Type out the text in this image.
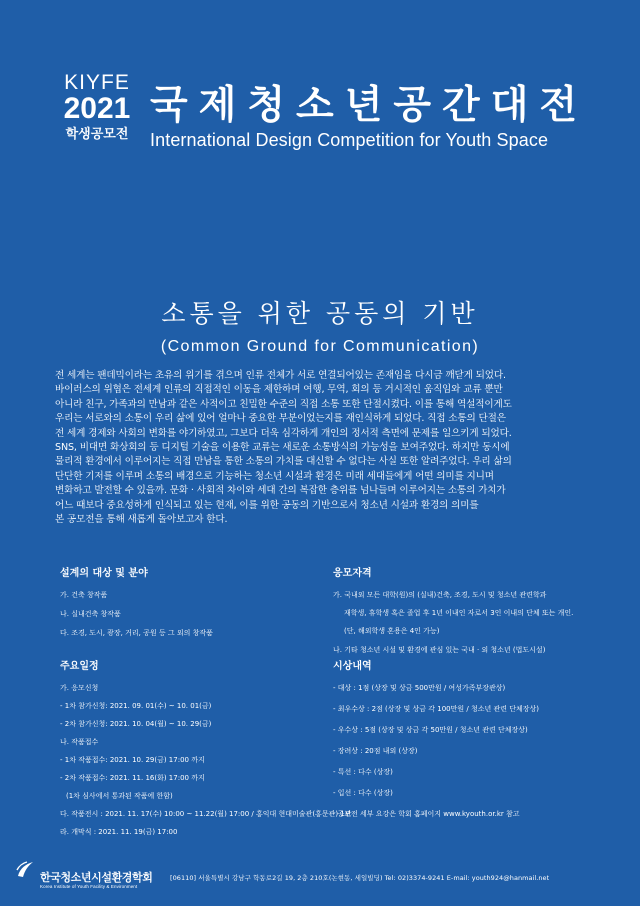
KIYFE
2021
학생공모전
국제청소년공간대전
International Design Competition for Youth Space
소통을 위한 공동의 기반
(Common Ground for Communication)
전 세계는 팬데믹이라는 초유의 위기를 겪으며 인류 전체가 서로 연결되어있는 존재임을 다시금 깨닫게 되었다.
바이러스의 위협은 전세계 인류의 직접적인 이동을 제한하며 여행, 무역, 회의 등 거시적인 움직임와 교류 뿐만
아니라 친구, 가족과의 만남과 같은 사적이고 친밀한 수준의 직접 소통 또한 단절시켰다. 이를 통해 역설적이게도
우리는 서로와의 소통이 우리 삶에 있어 얼마나 중요한 부분이었는지를 재인식하게 되었다. 직접 소통의 단절은
전 세계 경제와 사회의 변화를 야기하였고, 그보다 더욱 심각하게 개인의 정서적 측면에 문제를 일으키게 되었다.
SNS, 비대면 화상회의 등 디지털 기술을 이용한 교류는 새로운 소통방식의 가능성을 보여주었다. 하지만 동시에
물리적 환경에서 이루어지는 직접 만남을 통한 소통의 가치를 대신할 수 없다는 사실 또한 알려주었다. 우리 삶의
단단한 기저를 이루며 소통의 배경으로 기능하는 청소년 시설과 환경은 미래 세대들에게 어떤 의미를 지니며
변화하고 발전할 수 있을까. 문화 · 사회적 차이와 세대 간의 복잡한 층위를 넘나들며 이루어지는 소통의 가치가
어느 때보다 중요성하게 인식되고 있는 현재, 이를 위한 공동의 기반으로서 청소년 시설과 환경의 의미를
본 공모전을 통해 새롭게 돌아보고자 한다.
설계의 대상 및 분야
가. 건축 창작품
나. 실내건축 창작품
다. 조경, 도시, 광장, 거리, 공원 등 그 외의 창작품
응모자격
가. 국내외 모든 대학(원)의 (실내)건축, 조경, 도시 및 청소년 관련학과
재학생, 휴학생 혹은 졸업 후 1년 이내인 자로서 3인 이내의 단체 또는 개인.
(단, 해외학생 혼용은 4인 가능)
나. 기타 청소년 시설 및 환경에 관심 있는 국내 · 외 청소년 (법도시설)
주요일정
가. 응모신청
- 1차 참가신청: 2021. 09. 01(수) ~ 10. 01(금)
- 2차 참가신청: 2021. 10. 04(월) ~ 10. 29(금)
나. 작품접수
- 1차 작품접수: 2021. 10. 29(금) 17:00 까지
- 2차 작품접수: 2021. 11. 16(화) 17:00 까지
(1차 심사에서 통과된 작품에 한함)
다. 작품전시 : 2021. 11. 17(수) 10:00 ~ 11.22(월) 17:00 / 홍익대 현대미술관(홍문관) 1관
라. 개막식 : 2021. 11. 19(금) 17:00
시상내역
- 대상 : 1점 (상장 및 상금 500만원 / 여성가족부장관상)
- 최우수상 : 2점 (상장 및 상금 각 100만원 / 청소년 관련 단체장상)
- 우수상 : 5점 (상장 및 상금 각 50만원 / 청소년 관련 단체장상)
- 장려상 : 20점 내외 (상장)
- 특선 : 다수 (상장)
- 입선 : 다수 (상장)
· 공모전 세부 요강은 학회 홈페이지 www.kyouth.or.kr 참고
한국청소년시설환경학회
Korea Institute of Youth Facility & Environment
[06110] 서울특별시 강남구 학동로2길 19, 2층 210호(논현동, 세일빌딩) Tel: 02)3374-9241 E-mail: youth924@hanmail.net
